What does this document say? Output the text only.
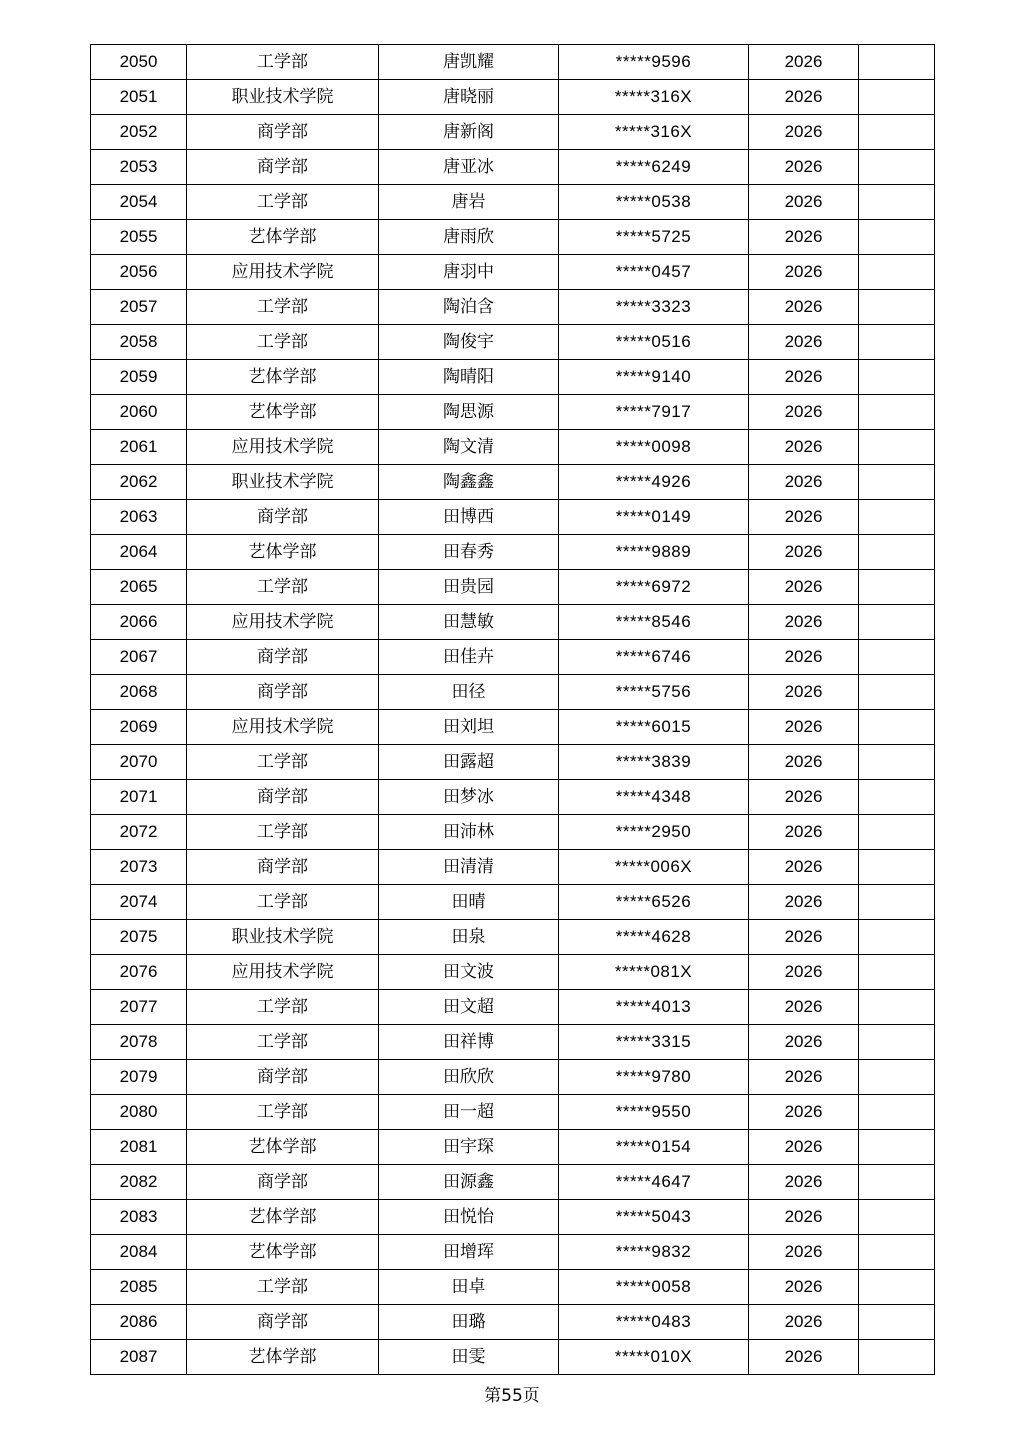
2050	工学部	唐凯耀	*****9596	2026	
2051	职业技术学院	唐晓丽	*****316X	2026	
2052	商学部	唐新阁	*****316X	2026	
2053	商学部	唐亚冰	*****6249	2026	
2054	工学部	唐岩	*****0538	2026	
2055	艺体学部	唐雨欣	*****5725	2026	
2056	应用技术学院	唐羽中	*****0457	2026	
2057	工学部	陶泊含	*****3323	2026	
2058	工学部	陶俊宇	*****0516	2026	
2059	艺体学部	陶晴阳	*****9140	2026	
2060	艺体学部	陶思源	*****7917	2026	
2061	应用技术学院	陶文清	*****0098	2026	
2062	职业技术学院	陶鑫鑫	*****4926	2026	
2063	商学部	田博西	*****0149	2026	
2064	艺体学部	田春秀	*****9889	2026	
2065	工学部	田贵园	*****6972	2026	
2066	应用技术学院	田慧敏	*****8546	2026	
2067	商学部	田佳卉	*****6746	2026	
2068	商学部	田径	*****5756	2026	
2069	应用技术学院	田刘坦	*****6015	2026	
2070	工学部	田露超	*****3839	2026	
2071	商学部	田梦冰	*****4348	2026	
2072	工学部	田沛林	*****2950	2026	
2073	商学部	田清清	*****006X	2026	
2074	工学部	田晴	*****6526	2026	
2075	职业技术学院	田泉	*****4628	2026	
2076	应用技术学院	田文波	*****081X	2026	
2077	工学部	田文超	*****4013	2026	
2078	工学部	田祥博	*****3315	2026	
2079	商学部	田欣欣	*****9780	2026	
2080	工学部	田一超	*****9550	2026	
2081	艺体学部	田宇琛	*****0154	2026	
2082	商学部	田源鑫	*****4647	2026	
2083	艺体学部	田悦怡	*****5043	2026	
2084	艺体学部	田增珲	*****9832	2026	
2085	工学部	田卓	*****0058	2026	
2086	商学部	田璐	*****0483	2026	
2087	艺体学部	田雯	*****010X	2026	
第55页
